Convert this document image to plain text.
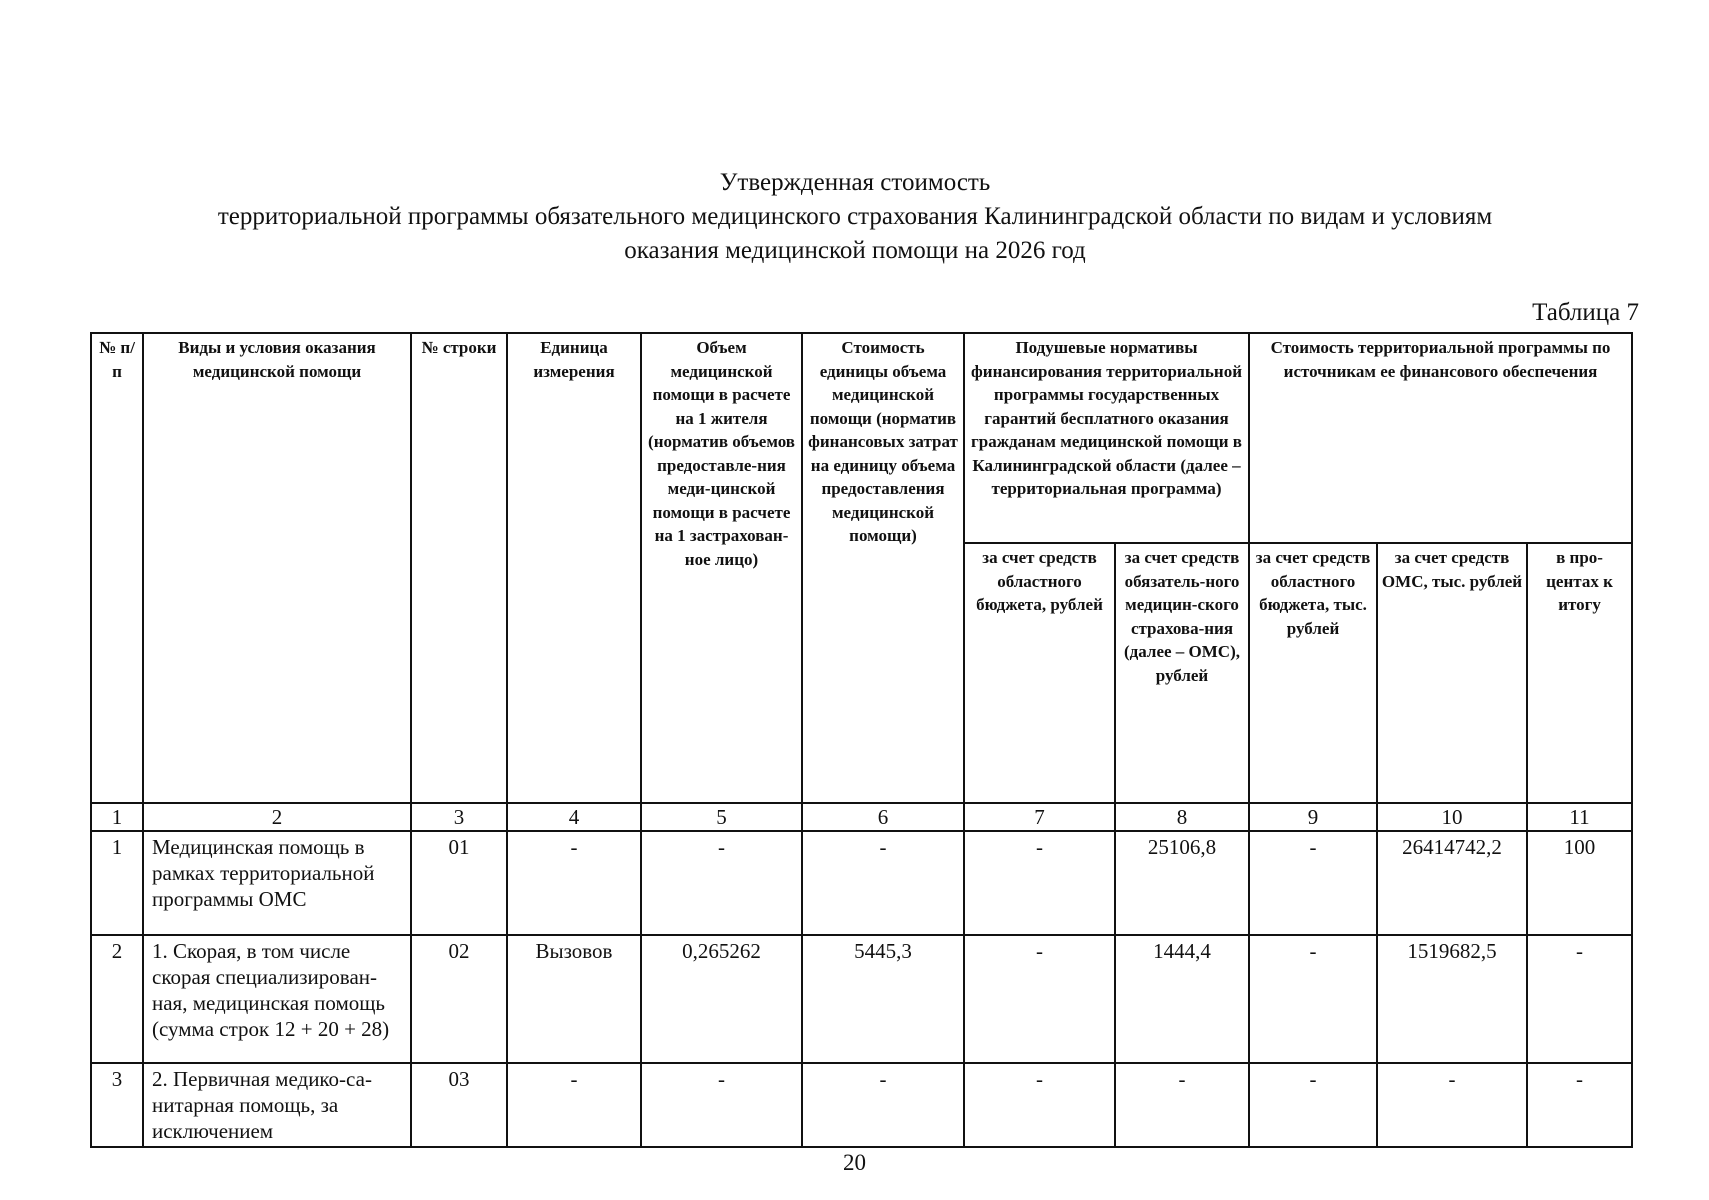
Утвержденная стоимость
территориальной программы обязательного медицинского страхования Калининградской области по видам и условиям
оказания медицинской помощи на 2026 год
Таблица 7
№ п/п	Виды и условия оказания медицинской помощи	№ строки	Единица измерения	Объем медицинской помощи в расчете на 1 жителя (норматив объемов предоставле-ния меди-цинской помощи в расчете на 1 застрахован-ное лицо)	Стоимость единицы объема медицинской помощи (норматив финансовых затрат на единицу объема предоставления медицинской помощи)	Подушевые нормативы финансирования территориальной программы государственных гарантий бесплатного оказания гражданам медицинской помощи в Калининградской области (далее – территориальная программа)		Стоимость территориальной программы по источникам ее финансового обеспечения		
						за счет средств областного бюджета, рублей	за счет средств обязатель-ного медицин-ского страхова-ния (далее – ОМС), рублей	за счет средств областного бюджета, тыс. рублей	за счет средств ОМС, тыс. рублей	в про-центах к итогу
1	2	3	4	5	6	7	8	9	10	11
1	Медицинская помощь в рамках территориальной программы ОМС	01	-	-	-	-	25106,8	-	26414742,2	100
2	1. Скорая, в том числе скорая специализирован-ная, медицинская помощь (сумма строк 12 + 20 + 28)	02	Вызовов	0,265262	5445,3	-	1444,4	-	1519682,5	-
3	2. Первичная медико-са-нитарная помощь, за исключением	03	-	-	-	-	-	-	-	-
20
